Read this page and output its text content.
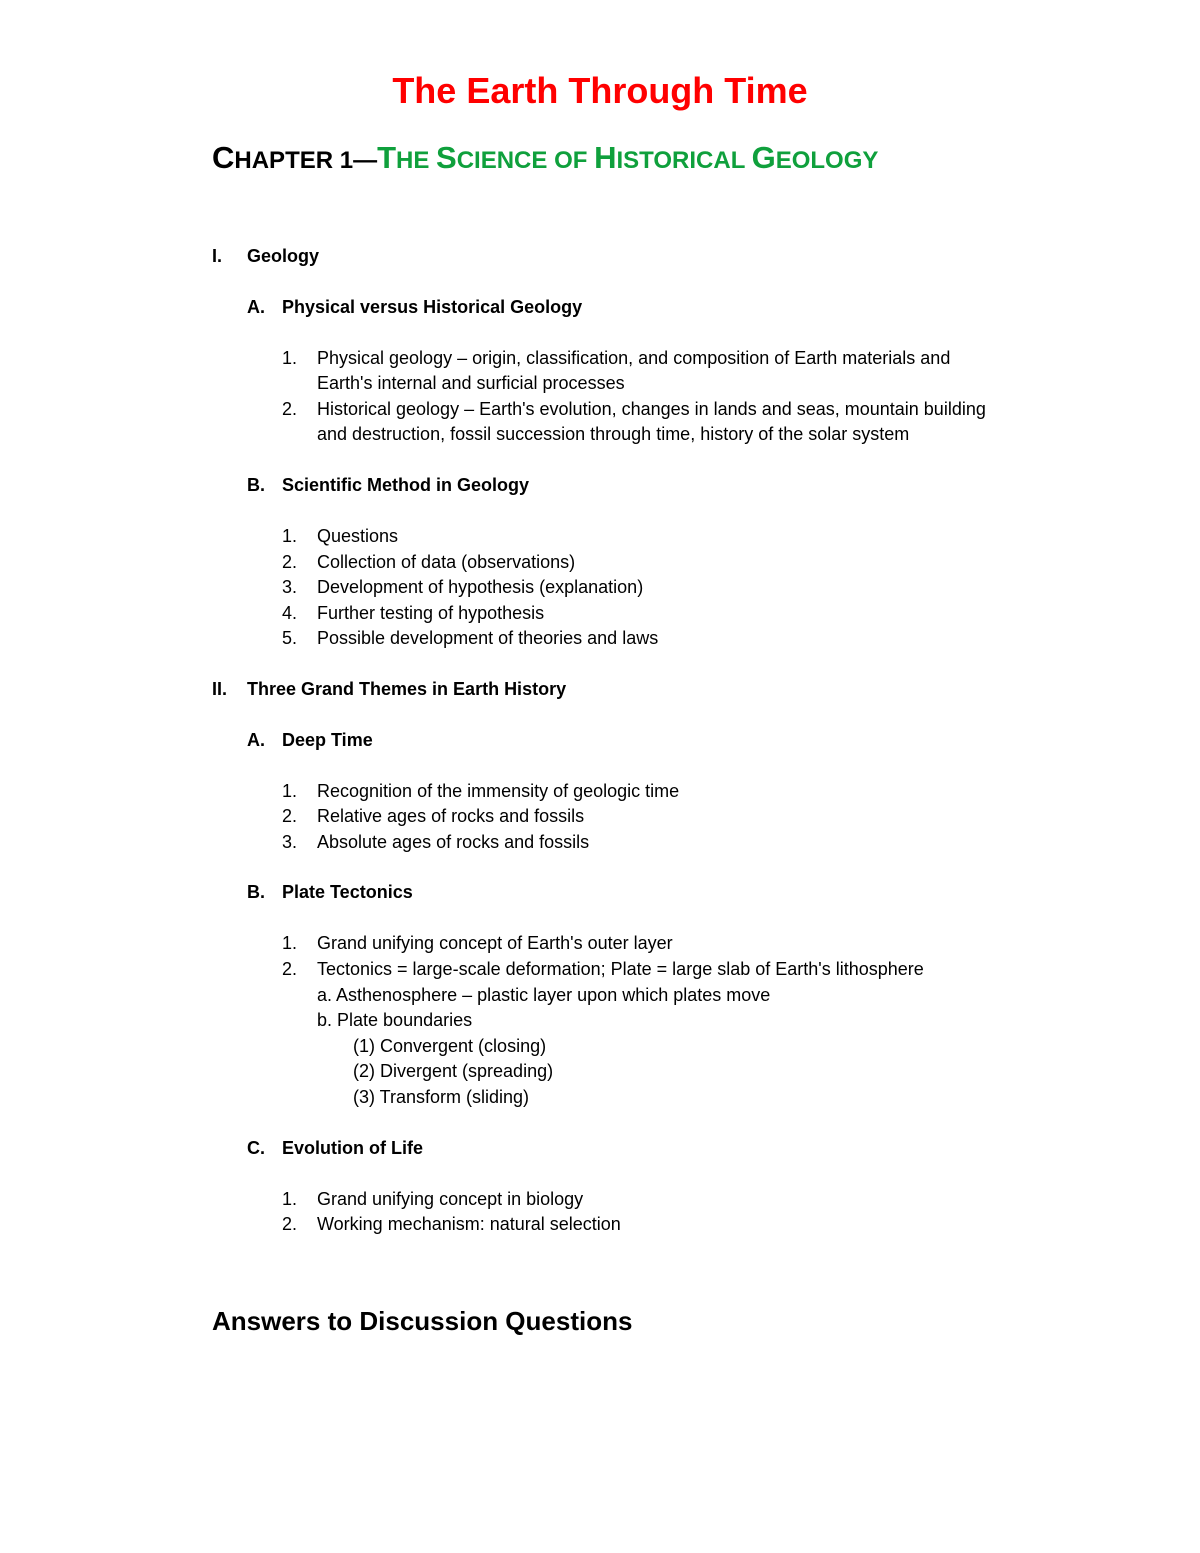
The Earth Through Time
CHAPTER 1—THE SCIENCE OF HISTORICAL GEOLOGY
I. Geology
A. Physical versus Historical Geology
1. Physical geology – origin, classification, and composition of Earth materials and
Earth's internal and surficial processes
2. Historical geology – Earth's evolution, changes in lands and seas, mountain building
and destruction, fossil succession through time, history of the solar system
B. Scientific Method in Geology
1. Questions
2. Collection of data (observations)
3. Development of hypothesis (explanation)
4. Further testing of hypothesis
5. Possible development of theories and laws
II. Three Grand Themes in Earth History
A. Deep Time
1. Recognition of the immensity of geologic time
2. Relative ages of rocks and fossils
3. Absolute ages of rocks and fossils
B. Plate Tectonics
1. Grand unifying concept of Earth's outer layer
2. Tectonics = large-scale deformation; Plate = large slab of Earth's lithosphere
a. Asthenosphere – plastic layer upon which plates move
b. Plate boundaries
(1) Convergent (closing)
(2) Divergent (spreading)
(3) Transform (sliding)
C. Evolution of Life
1. Grand unifying concept in biology
2. Working mechanism: natural selection
Answers to Discussion Questions
